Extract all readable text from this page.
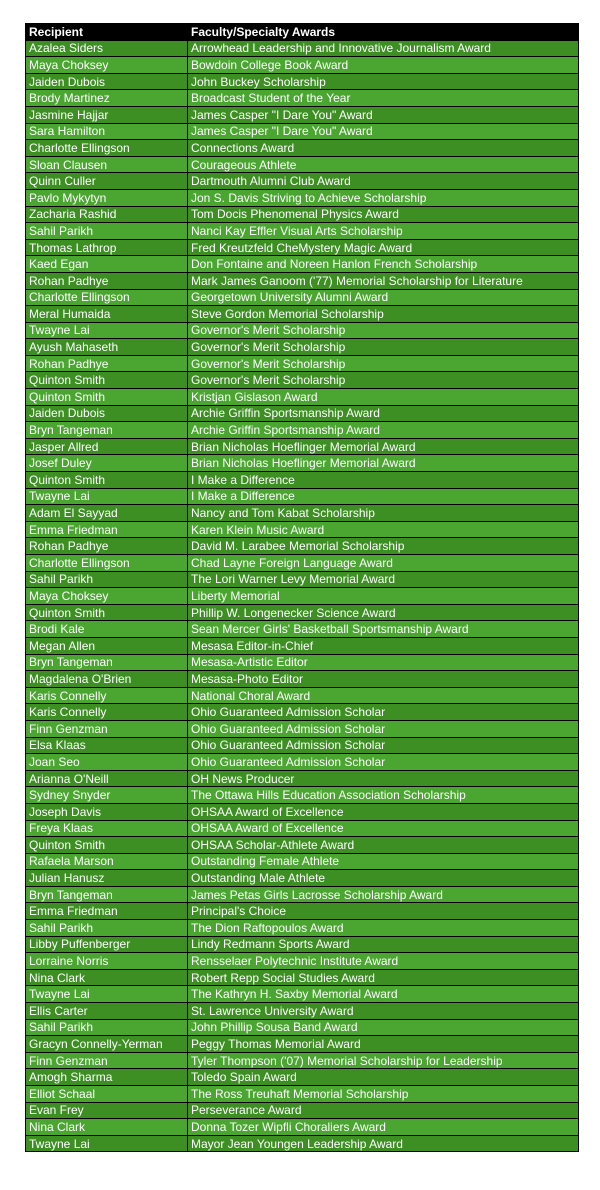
Recipient	Faculty/Specialty Awards
Azalea Siders	Arrowhead Leadership and Innovative Journalism Award
Maya Choksey	Bowdoin College Book Award
Jaiden Dubois	John Buckey Scholarship
Brody Martinez	Broadcast Student of the Year
Jasmine Hajjar	James Casper "I Dare You" Award
Sara Hamilton	James Casper "I Dare You" Award
Charlotte Ellingson	Connections Award
Sloan Clausen	Courageous Athlete
Quinn Culler	Dartmouth Alumni Club Award
Pavlo Mykytyn	Jon S. Davis Striving to Achieve Scholarship
Zacharia Rashid	Tom Docis Phenomenal Physics Award
Sahil Parikh	Nanci Kay Effler Visual Arts Scholarship
Thomas Lathrop	Fred Kreutzfeld CheMystery Magic Award
Kaed Egan	Don Fontaine and Noreen Hanlon French Scholarship
Rohan Padhye	Mark James Ganoom ('77) Memorial Scholarship for Literature
Charlotte Ellingson	Georgetown University Alumni Award
Meral Humaida	Steve Gordon Memorial Scholarship
Twayne Lai	Governor's Merit Scholarship
Ayush Mahaseth	Governor's Merit Scholarship
Rohan Padhye	Governor's Merit Scholarship
Quinton Smith	Governor's Merit Scholarship
Quinton Smith	Kristjan Gislason Award
Jaiden Dubois	Archie Griffin Sportsmanship Award
Bryn Tangeman	Archie Griffin Sportsmanship Award
Jasper Allred	Brian Nicholas Hoeflinger Memorial Award
Josef Duley	Brian Nicholas Hoeflinger Memorial Award
Quinton Smith	I Make a Difference
Twayne Lai	I Make a Difference
Adam El Sayyad	Nancy and Tom Kabat Scholarship
Emma Friedman	Karen Klein Music Award
Rohan Padhye	David M. Larabee Memorial Scholarship
Charlotte Ellingson	Chad Layne Foreign Language Award
Sahil Parikh	The Lori Warner Levy Memorial Award
Maya Choksey	Liberty Memorial
Quinton Smith	Phillip W. Longenecker Science Award
Brodi Kale	Sean Mercer Girls' Basketball Sportsmanship Award
Megan Allen	Mesasa Editor-in-Chief
Bryn Tangeman	Mesasa-Artistic Editor
Magdalena O'Brien	Mesasa-Photo Editor
Karis Connelly	National Choral Award
Karis Connelly	Ohio Guaranteed Admission Scholar
Finn Genzman	Ohio Guaranteed Admission Scholar
Elsa Klaas	Ohio Guaranteed Admission Scholar
Joan Seo	Ohio Guaranteed Admission Scholar
Arianna O'Neill	OH News Producer
Sydney Snyder	The Ottawa Hills Education Association Scholarship
Joseph Davis	OHSAA Award of Excellence
Freya Klaas	OHSAA Award of Excellence
Quinton Smith	OHSAA Scholar-Athlete Award
Rafaela Marson	Outstanding Female Athlete
Julian Hanusz	Outstanding Male Athlete
Bryn Tangeman	James Petas Girls Lacrosse Scholarship Award
Emma Friedman	Principal's Choice
Sahil Parikh	The Dion Raftopoulos Award
Libby Puffenberger	Lindy Redmann Sports Award
Lorraine Norris	Rensselaer Polytechnic Institute Award
Nina Clark	Robert Repp Social Studies Award
Twayne Lai	The Kathryn H. Saxby Memorial Award
Ellis Carter	St. Lawrence University Award
Sahil Parikh	John Phillip Sousa Band Award
Gracyn Connelly-Yerman	Peggy Thomas Memorial Award
Finn Genzman	Tyler Thompson ('07) Memorial Scholarship for Leadership
Amogh Sharma	Toledo Spain Award
Elliot Schaal	The Ross Treuhaft Memorial Scholarship
Evan Frey	Perseverance Award
Nina Clark	Donna Tozer Wipfli Choraliers Award
Twayne Lai	Mayor Jean Youngen Leadership Award
